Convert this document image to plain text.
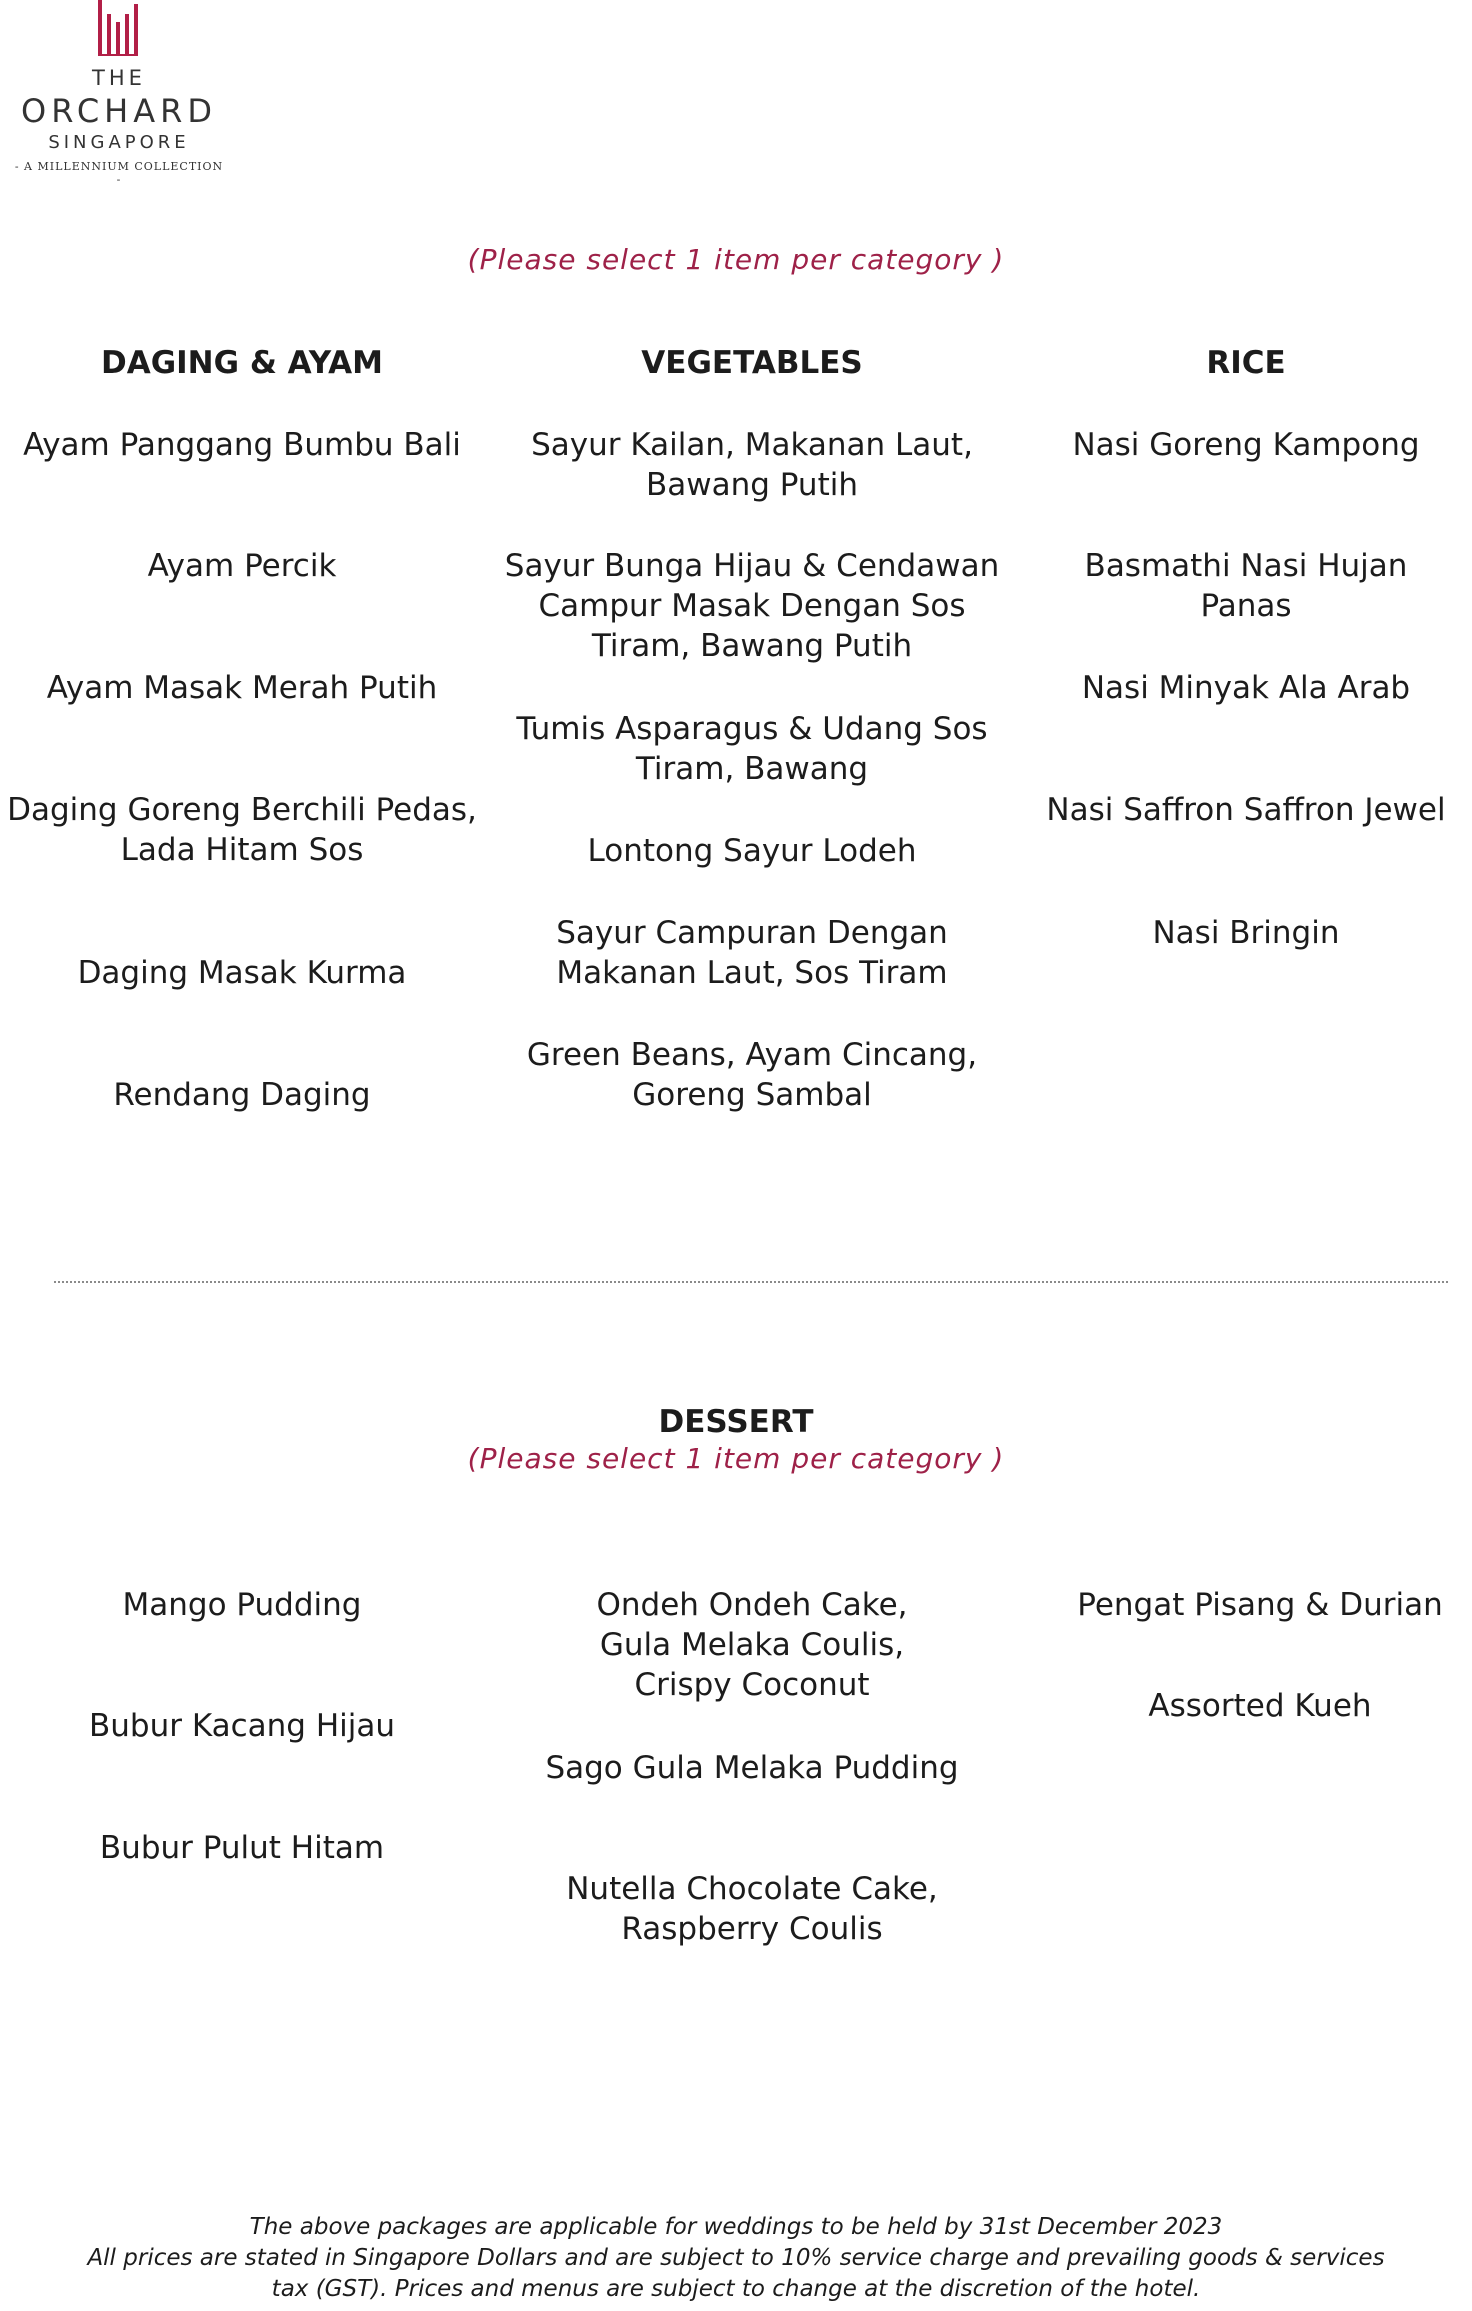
THE
ORCHARD
SINGAPORE
- A MILLENNIUM COLLECTION -
(Please select 1 item per category )
DAGING & AYAM
Ayam Panggang Bumbu Bali
Ayam Percik
Ayam Masak Merah Putih
Daging Goreng Berchili Pedas,
Lada Hitam Sos
Daging Masak Kurma
Rendang Daging
VEGETABLES
Sayur Kailan, Makanan Laut,
Bawang Putih
Sayur Bunga Hijau & Cendawan
Campur Masak Dengan Sos
Tiram, Bawang Putih
Tumis Asparagus & Udang Sos
Tiram, Bawang
Lontong Sayur Lodeh
Sayur Campuran Dengan
Makanan Laut, Sos Tiram
Green Beans, Ayam Cincang,
Goreng Sambal
RICE
Nasi Goreng Kampong
Basmathi Nasi Hujan Panas
Nasi Minyak Ala Arab
Nasi Saffron Saffron Jewel
Nasi Bringin
DESSERT
(Please select 1 item per category )
Mango Pudding
Bubur Kacang Hijau
Bubur Pulut Hitam
Ondeh Ondeh Cake,
Gula Melaka Coulis,
Crispy Coconut
Sago Gula Melaka Pudding
Nutella Chocolate Cake,
Raspberry Coulis
Pengat Pisang & Durian
Assorted Kueh
The above packages are applicable for weddings to be held by 31st December 2023
All prices are stated in Singapore Dollars and are subject to 10% service charge and prevailing goods & services
tax (GST). Prices and menus are subject to change at the discretion of the hotel.
